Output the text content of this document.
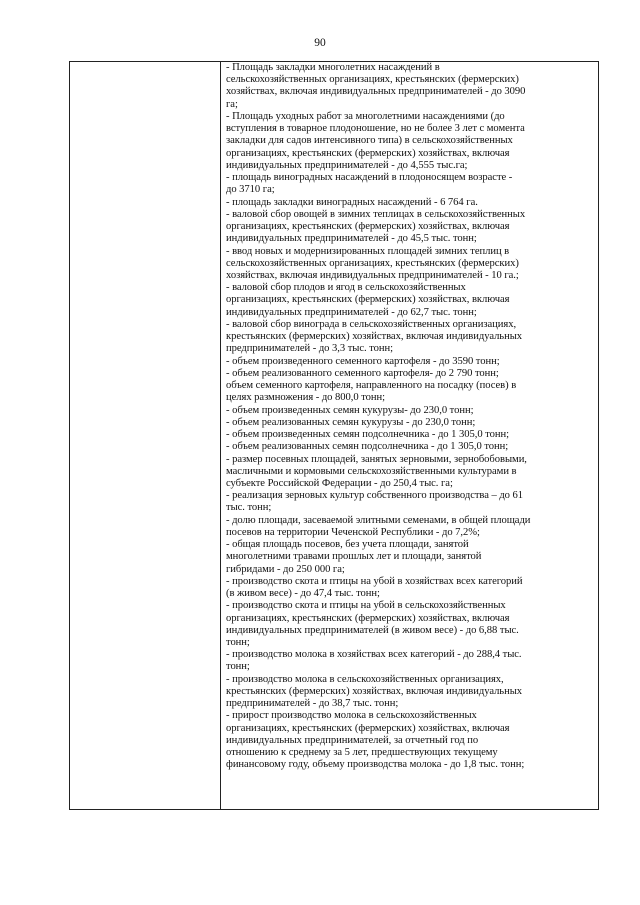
90
- Площадь закладки многолетних насаждений в
сельскохозяйственных организациях, крестьянских (фермерских)
хозяйствах, включая индивидуальных предпринимателей - до 3090
га;
- Площадь уходных работ за многолетними насаждениями (до
вступления в товарное плодоношение, но не более 3 лет с момента
закладки для садов интенсивного типа) в сельскохозяйственных
организациях, крестьянских (фермерских) хозяйствах, включая
индивидуальных предпринимателей - до 4,555 тыс.га;
- площадь виноградных насаждений в плодоносящем возрасте -
до 3710 га;
- площадь закладки виноградных насаждений - 6 764 га.
- валовой сбор овощей в зимних теплицах в сельскохозяйственных
организациях, крестьянских (фермерских) хозяйствах, включая
индивидуальных предпринимателей - до 45,5 тыс. тонн;
- ввод новых и модернизированных площадей зимних теплиц в
сельскохозяйственных организациях, крестьянских (фермерских)
хозяйствах, включая индивидуальных предпринимателей - 10 га.;
- валовой сбор плодов и ягод в сельскохозяйственных
организациях, крестьянских (фермерских) хозяйствах, включая
индивидуальных предпринимателей - до 62,7 тыс. тонн;
- валовой сбор винограда в сельскохозяйственных организациях,
крестьянских (фермерских) хозяйствах, включая индивидуальных
предпринимателей - до 3,3 тыс. тонн;
- объем произведенного семенного картофеля - до 3590 тонн;
- объем реализованного семенного картофеля- до 2 790 тонн;
объем семенного картофеля, направленного на посадку (посев) в
целях размножения - до 800,0 тонн;
- объем произведенных семян кукурузы- до 230,0 тонн;
- объем реализованных семян кукурузы - до 230,0 тонн;
- объем произведенных семян подсолнечника - до 1 305,0 тонн;
- объем реализованных семян подсолнечника - до 1 305,0 тонн;
- размер посевных площадей, занятых зерновыми, зернобобовыми,
масличными и кормовыми сельскохозяйственными культурами в
субъекте Российской Федерации - до 250,4 тыс. га;
- реализация зерновых культур собственного производства – до 61
тыс. тонн;
- долю площади, засеваемой элитными семенами, в общей площади
посевов на территории Чеченской Республики - до 7,2%;
- общая площадь посевов, без учета площади, занятой
многолетними травами прошлых лет и площади, занятой
гибридами - до 250 000 га;
- производство скота и птицы на убой в хозяйствах всех категорий
(в живом весе) - до 47,4 тыс. тонн;
- производство скота и птицы на убой в сельскохозяйственных
организациях, крестьянских (фермерских) хозяйствах, включая
индивидуальных предпринимателей (в живом весе) - до 6,88 тыс.
тонн;
- производство молока в хозяйствах всех категорий - до 288,4 тыс.
тонн;
- производство молока в сельскохозяйственных организациях,
крестьянских (фермерских) хозяйствах, включая индивидуальных
предпринимателей - до 38,7 тыс. тонн;
- прирост производство молока в сельскохозяйственных
организациях, крестьянских (фермерских) хозяйствах, включая
индивидуальных предпринимателей, за отчетный год по
отношению к среднему за 5 лет, предшествующих текущему
финансовому году, объему производства молока - до 1,8 тыс. тонн;
